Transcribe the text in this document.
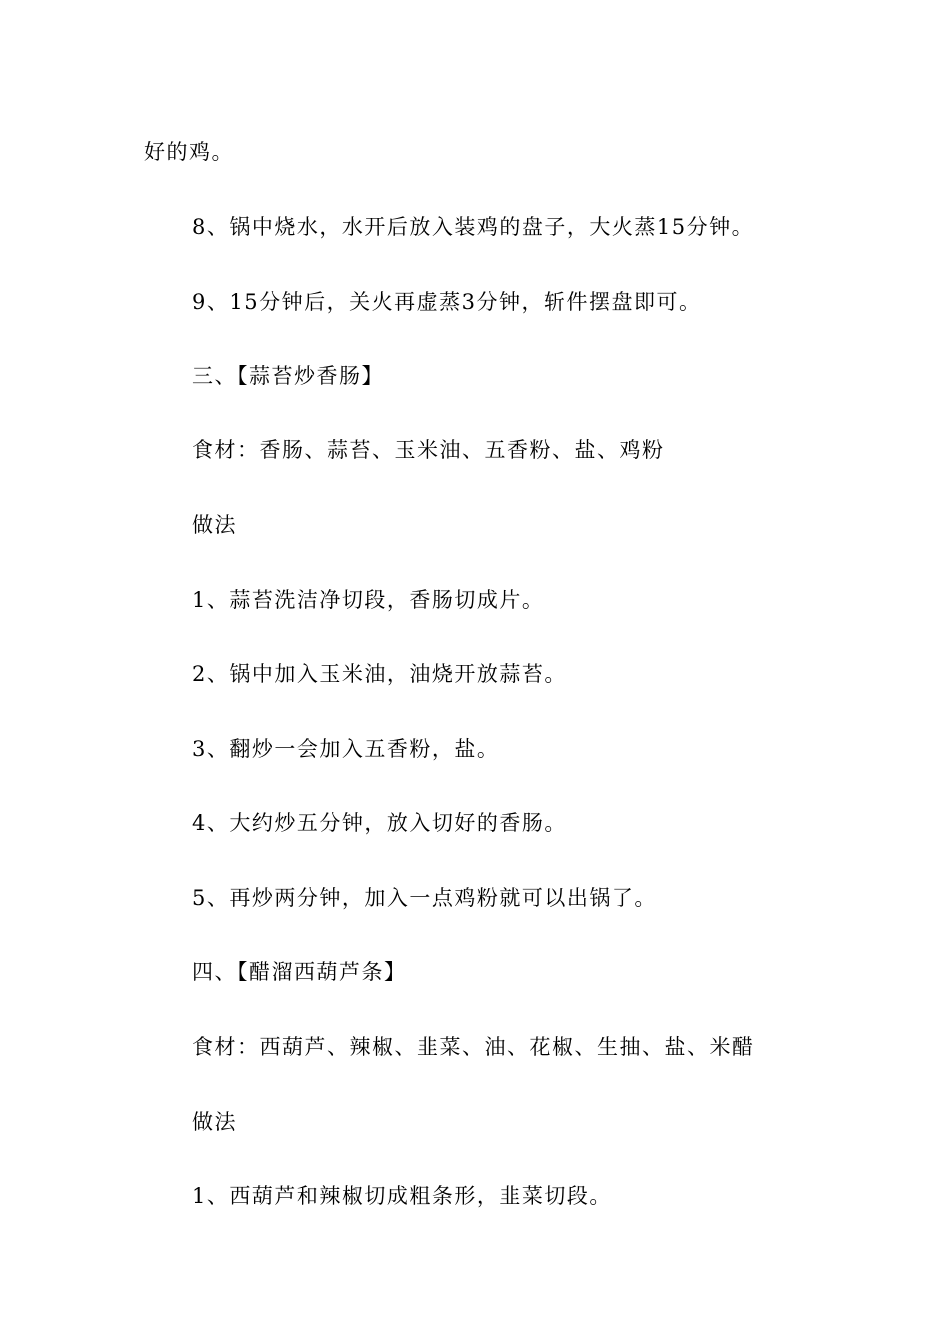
好的鸡。
8、锅中烧水，水开后放入装鸡的盘子，大火蒸15分钟。
9、15分钟后，关火再虚蒸3分钟，斩件摆盘即可。
三、【蒜苔炒香肠】
食材：香肠、蒜苔、玉米油、五香粉、盐、鸡粉
做法
1、蒜苔洗洁净切段，香肠切成片。
2、锅中加入玉米油，油烧开放蒜苔。
3、翻炒一会加入五香粉，盐。
4、大约炒五分钟，放入切好的香肠。
5、再炒两分钟，加入一点鸡粉就可以出锅了。
四、【醋溜西葫芦条】
食材：西葫芦、辣椒、韭菜、油、花椒、生抽、盐、米醋
做法
1、西葫芦和辣椒切成粗条形，韭菜切段。
